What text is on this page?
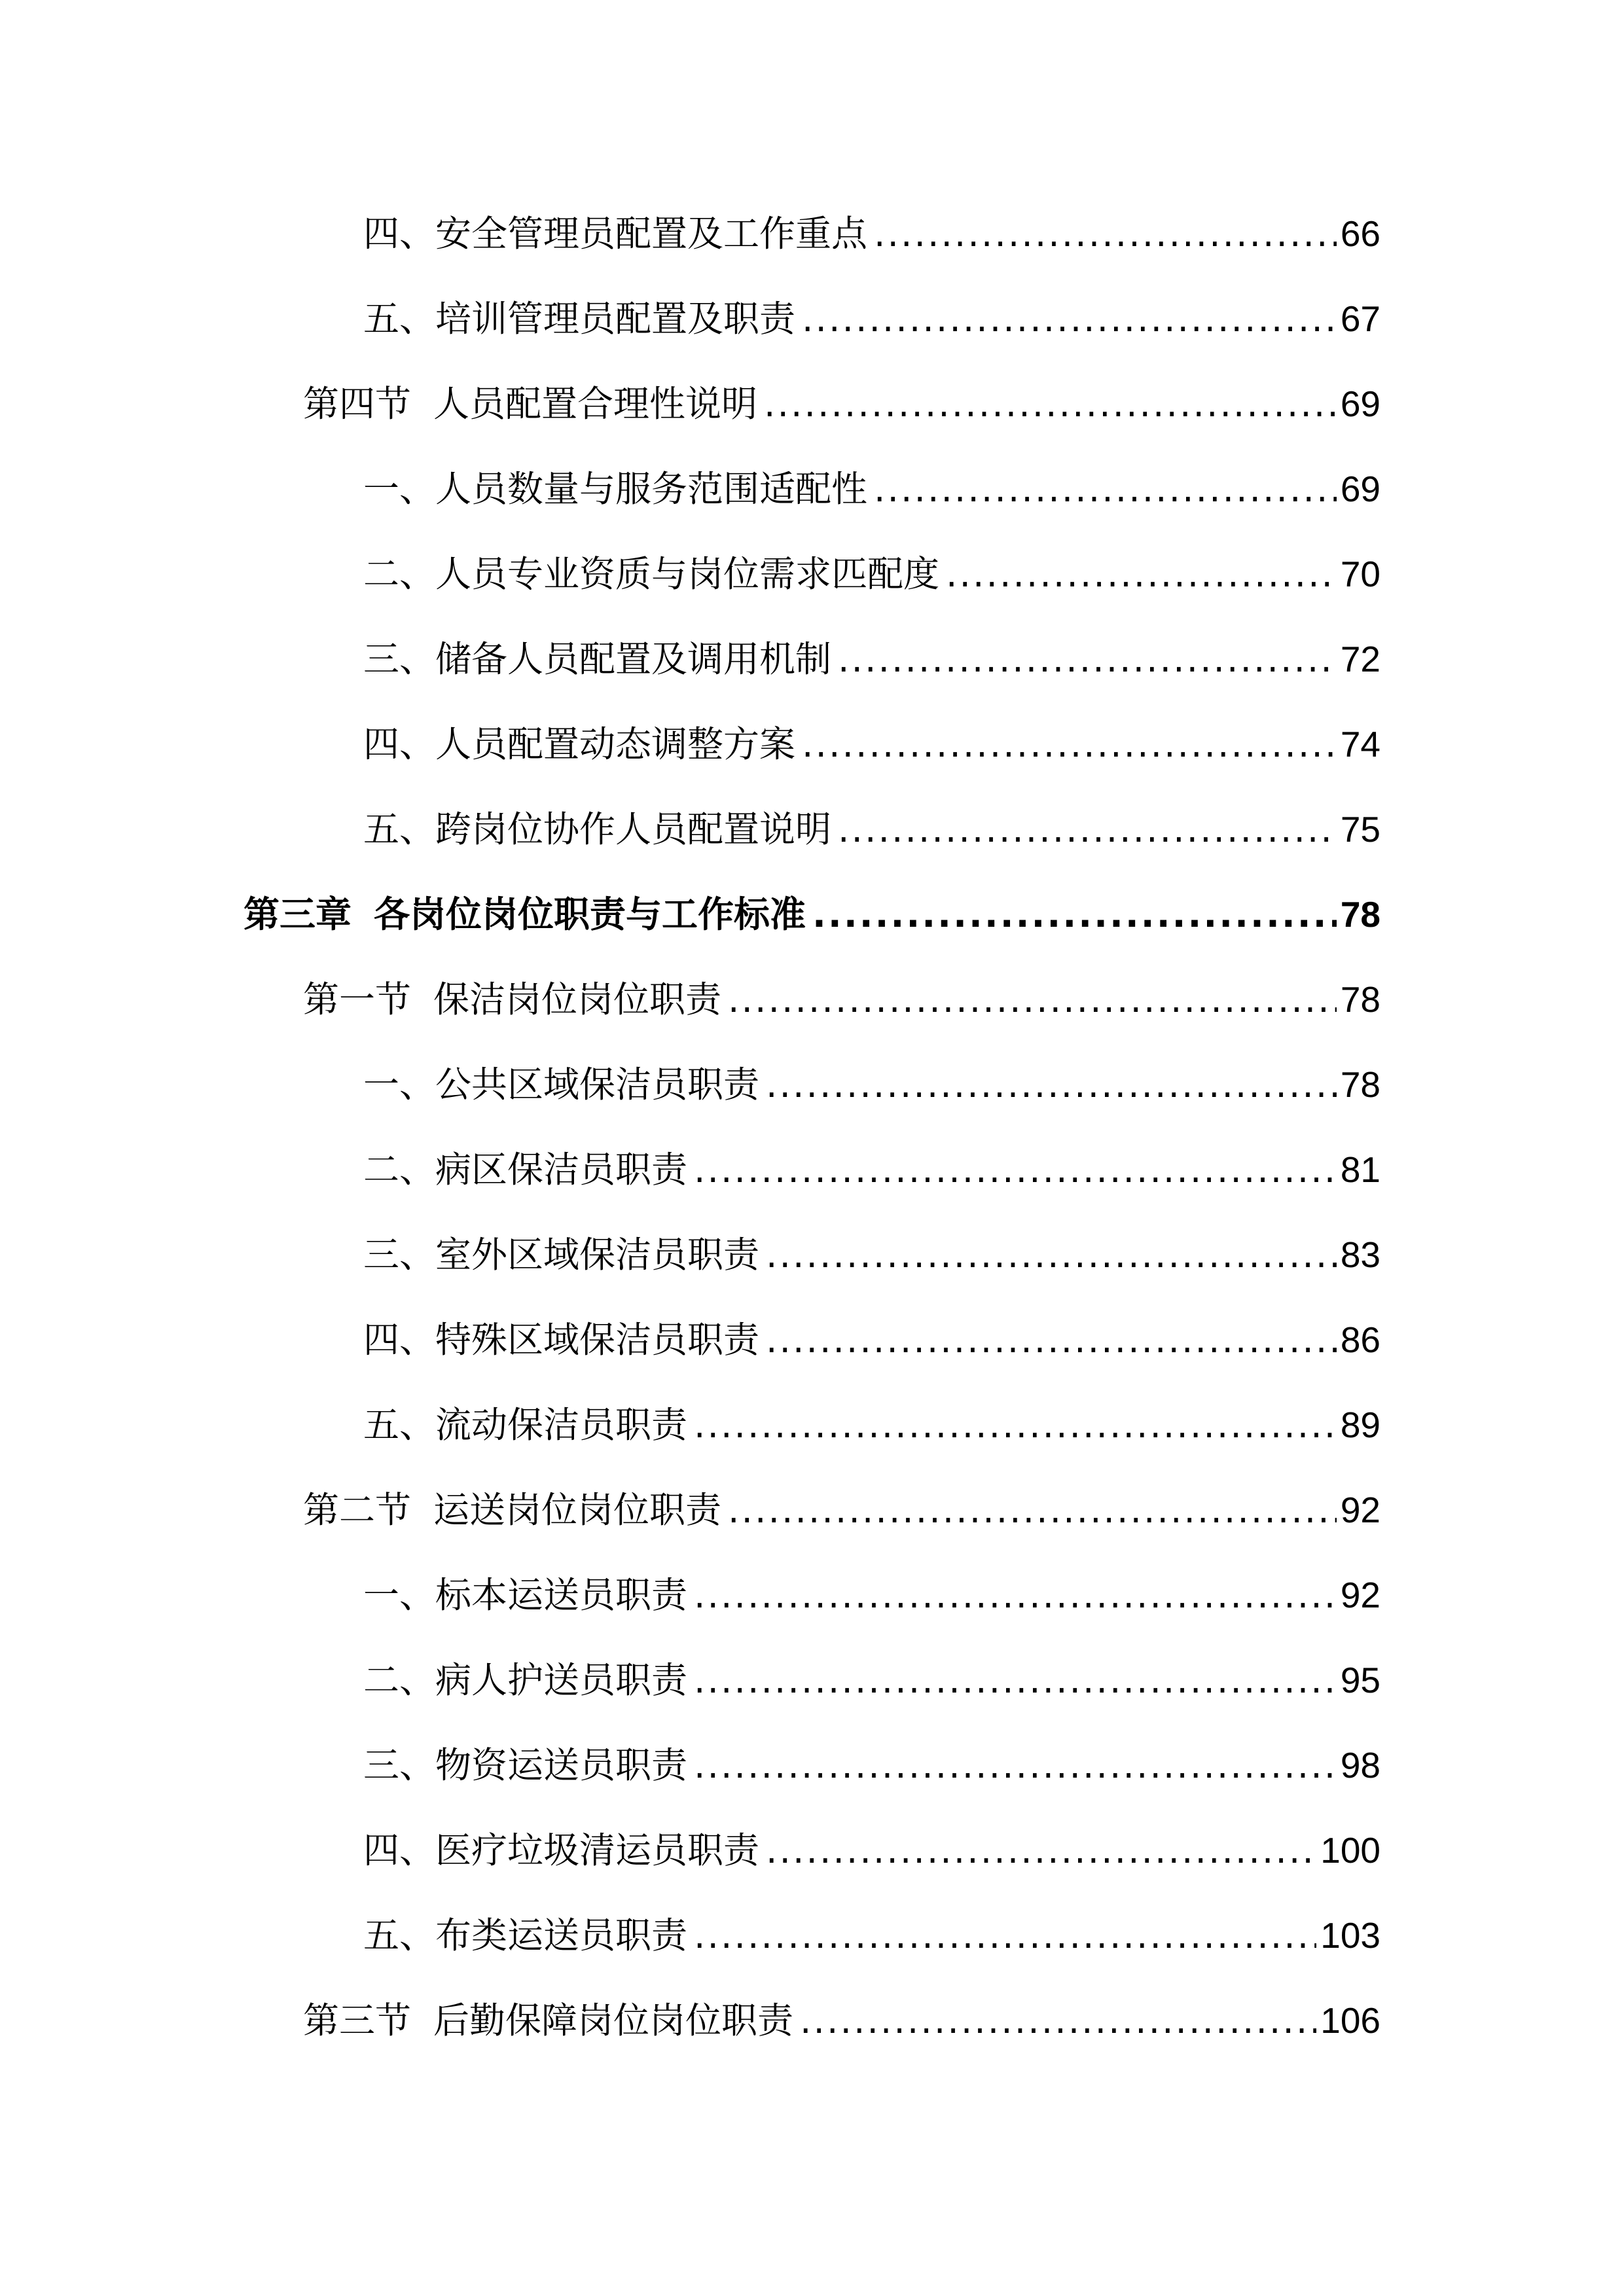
四、安全管理员配置及工作重点 .....	66
五、培训管理员配置及职责 .....	67
第四节 人员配置合理性说明 .....	69
一、人员数量与服务范围适配性 .....	69
二、人员专业资质与岗位需求匹配度 .....	70
三、储备人员配置及调用机制 .....	72
四、人员配置动态调整方案 .....	74
五、跨岗位协作人员配置说明 .....	75
第三章 各岗位岗位职责与工作标准 .....	78
第一节 保洁岗位岗位职责 .....	78
一、公共区域保洁员职责 .....	78
二、病区保洁员职责 .....	81
三、室外区域保洁员职责 .....	83
四、特殊区域保洁员职责 .....	86
五、流动保洁员职责 .....	89
第二节 运送岗位岗位职责 .....	92
一、标本运送员职责 .....	92
二、病人护送员职责 .....	95
三、物资运送员职责 .....	98
四、医疗垃圾清运员职责 .....	100
五、布类运送员职责 .....	103
第三节 后勤保障岗位岗位职责 .....	106
